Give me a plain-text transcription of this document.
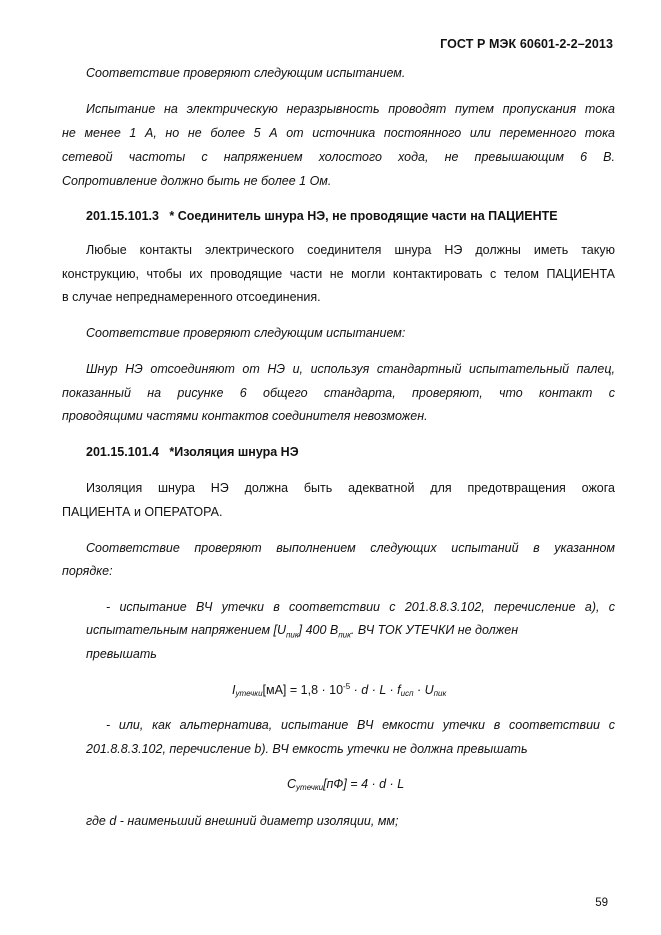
ГОСТ Р МЭК 60601-2-2–2013
Соответствие проверяют следующим испытанием.
Испытание на электрическую неразрывность проводят путем пропускания тока
не менее 1 А, но не более 5 А от источника постоянного или переменного тока
сетевой частоты с напряжением холостого хода, не превышающим 6 В.
Сопротивление должно быть не более 1 Ом.
201.15.101.3 * Соединитель шнура НЭ, не проводящие части на ПАЦИЕНТЕ
Любые контакты электрического соединителя шнура НЭ должны иметь такую
конструкцию, чтобы их проводящие части не могли контактировать с телом ПАЦИЕНТА
в случае непреднамеренного отсоединения.
Соответствие проверяют следующим испытанием:
Шнур НЭ отсоединяют от НЭ и, используя стандартный испытательный палец,
показанный на рисунке 6 общего стандарта, проверяют, что контакт с
проводящими частями контактов соединителя невозможен.
201.15.101.4 *Изоляция шнура НЭ
Изоляция шнура НЭ должна быть адекватной для предотвращения ожога
ПАЦИЕНТА и ОПЕРАТОРА.
Соответствие проверяют выполнением следующих испытаний в указанном
порядке:
- испытание ВЧ утечки в соответствии с 201.8.8.3.102, перечисление a), с
испытательным напряжением $[U_{пик}]$ 400 $В_{пик}$. ВЧ ТОК УТЕЧКИ не должен
превышать
$I_{утечки}[мА] = 1,8 \cdot 10^{-5} \cdot d \cdot L \cdot f_{исп} \cdot U_{пик}$
- или, как альтернатива, испытание ВЧ емкости утечки в соответствии с
201.8.8.3.102, перечисление b). ВЧ емкость утечки не должна превышать
$C_{утечки}[пФ] = 4 \cdot d \cdot L$
где d - наименьший внешний диаметр изоляции, мм;
59
